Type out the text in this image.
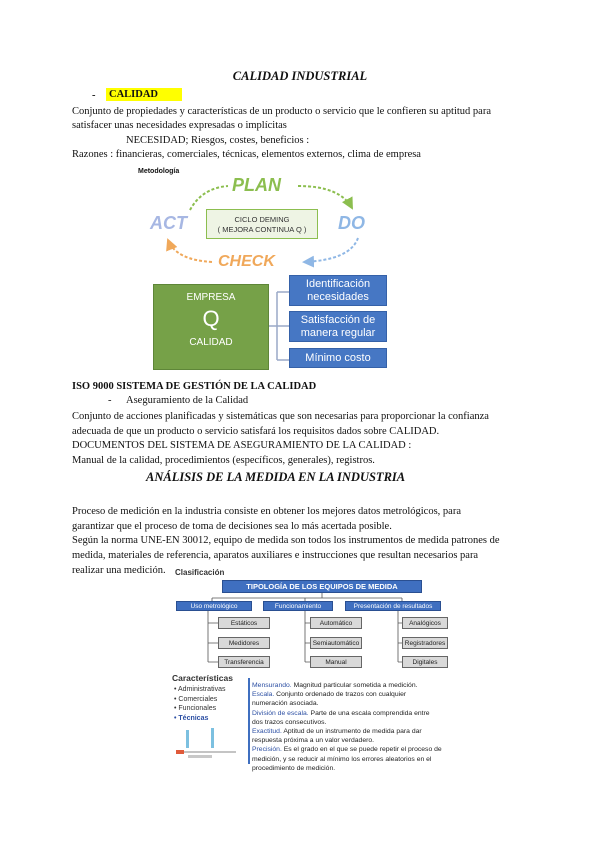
CALIDAD INDUSTRIAL
- CALIDAD
Conjunto de propiedades y características de un producto o servicio que le confieren su aptitud para
satisfacer unas necesidades expresadas o implícitas
NECESIDAD; Riesgos, costes, beneficios :
Razones : financieras, comerciales, técnicas, elementos externos, clima de empresa
Metodología
PLAN
DO
CHECK
ACT	CICLO DEMING
( MEJORA CONTINUA Q )
EMPRESA
Q
CALIDAD
Identificación
necesidades
Satisfacción de
manera regular
Mínimo costo
ISO 9000 SISTEMA DE GESTIÓN DE LA CALIDAD
- Aseguramiento de la Calidad
Conjunto de acciones planificadas y sistemáticas que son necesarias para proporcionar la confianza
adecuada de que un producto o servicio satisfará los requisitos dados sobre CALIDAD.
DOCUMENTOS DEL SISTEMA DE ASEGURAMIENTO DE LA CALIDAD :
Manual de la calidad, procedimientos (específicos, generales), registros.
ANÁLISIS DE LA MEDIDA EN LA INDUSTRIA
Proceso de medición en la industria consiste en obtener los mejores datos metrológicos, para
garantizar que el proceso de toma de decisiones sea lo más acertada posible.
Según la norma UNE-EN 30012, equipo de medida son todos los instrumentos de medida patrones de
medida, materiales de referencia, aparatos auxiliares e instrucciones que resultan necesarios para
realizar una medición. Clasificación
TIPOLOGÍA DE LOS EQUIPOS DE MEDIDA
Uso metrológico	Funcionamiento	Presentación de resultados
Estáticos
Medidores
Transferencia
Automático
Semiautomático
Manual
Analógicos
Registradores
Digitales
Características
• Administrativas
• Comerciales
• Funcionales
• Técnicas
Mensurando. Magnitud particular sometida a medición.
Escala. Conjunto ordenado de trazos con cualquier numeración asociada.
División de escala. Parte de una escala comprendida entre dos trazos consecutivos.
Exactitud. Aptitud de un instrumento de medida para dar respuesta próxima a un valor verdadero.
Precisión. Es el grado en el que se puede repetir el proceso de medición, y se reducir al mínimo los errores aleatorios en el procedimiento de medición.
